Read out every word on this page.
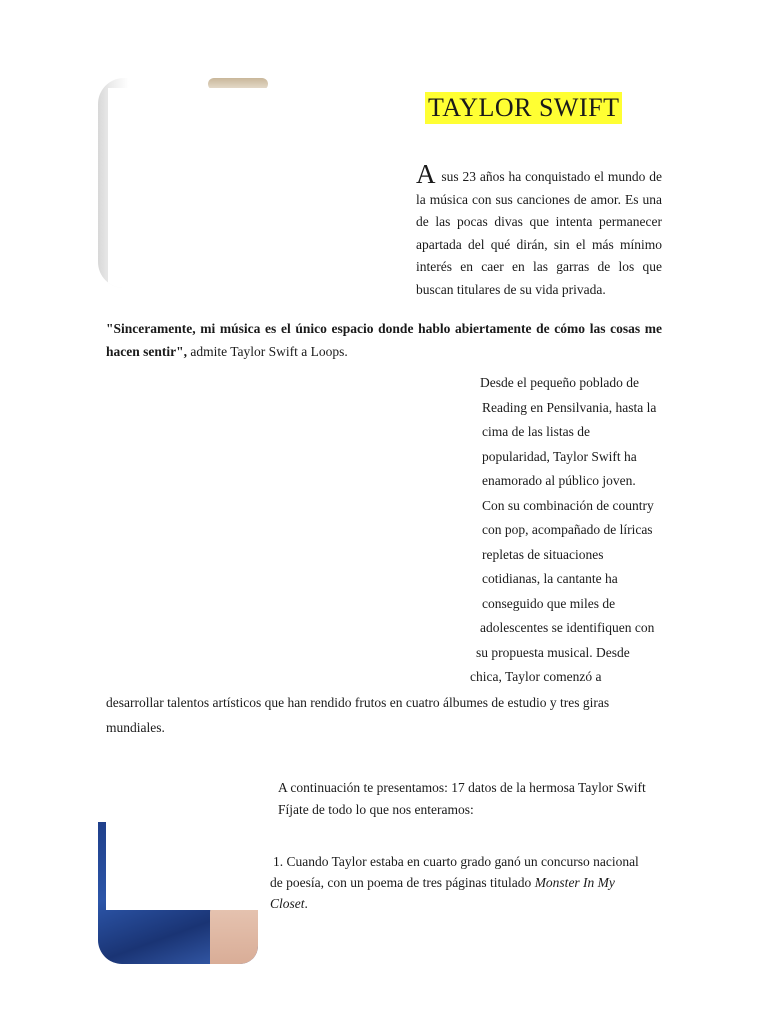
TAYLOR SWIFT
A sus 23 años ha conquistado el mundo de la música con sus canciones de amor. Es una de las pocas divas que intenta permanecer apartada del qué dirán, sin el más mínimo interés en caer en las garras de los que buscan titulares de su vida privada.
"Sinceramente, mi música es el único espacio donde hablo abiertamente de cómo las cosas me hacen sentir", admite Taylor Swift a Loops.
Desde el pequeño poblado de
Reading en Pensilvania, hasta la
cima de las listas de
popularidad, Taylor Swift ha
enamorado al público joven.
Con su combinación de country
con pop, acompañado de líricas
repletas de situaciones
cotidianas, la cantante ha
conseguido que miles de
adolescentes se identifiquen con
su propuesta musical. Desde
chica, Taylor comenzó a
desarrollar talentos artísticos que han rendido frutos en cuatro álbumes de estudio y tres giras mundiales.
A continuación te presentamos: 17 datos de la hermosa Taylor Swift
Fíjate de todo lo que nos enteramos:
1. Cuando Taylor estaba en cuarto grado ganó un concurso nacional
de poesía, con un poema de tres páginas titulado Monster In My
Closet.
